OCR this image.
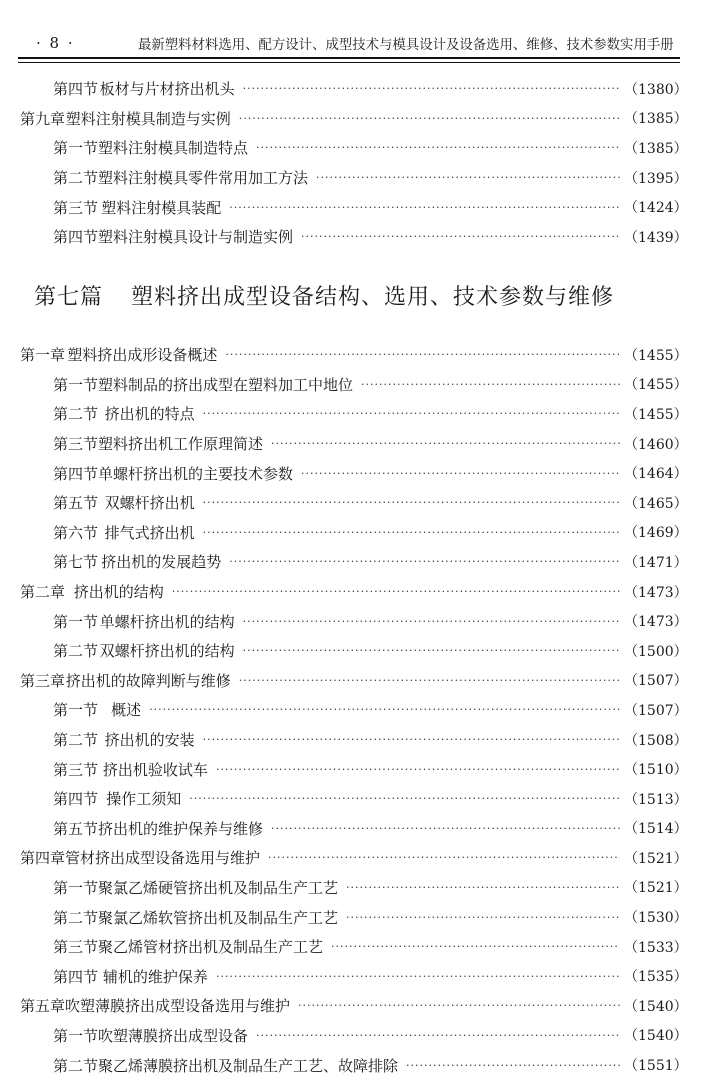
· 8 ·	最新塑料材料选用、配方设计、成型技术与模具设计及设备选用、维修、技术参数实用手册
第四节 板材与片材挤出机头 ·····	（1380）
第九章 塑料注射模具制造与实例 ·····	（1385）
第一节 塑料注射模具制造特点 ·····	（1385）
第二节 塑料注射模具零件常用加工方法 ·····	（1395）
第三节 塑料注射模具装配 ·····	（1424）
第四节 塑料注射模具设计与制造实例 ·····	（1439）
第七篇 塑料挤出成型设备结构、选用、技术参数与维修
第一章 塑料挤出成形设备概述 ·····	（1455）
第一节 塑料制品的挤出成型在塑料加工中地位 ·····	（1455）
第二节 挤出机的特点 ·····	（1455）
第三节 塑料挤出机工作原理简述 ·····	（1460）
第四节 单螺杆挤出机的主要技术参数 ·····	（1464）
第五节 双螺杆挤出机 ·····	（1465）
第六节 排气式挤出机 ·····	（1469）
第七节 挤出机的发展趋势 ·····	（1471）
第二章 挤出机的结构 ·····	（1473）
第一节 单螺杆挤出机的结构 ·····	（1473）
第二节 双螺杆挤出机的结构 ·····	（1500）
第三章 挤出机的故障判断与维修 ·····	（1507）
第一节 概述 ·····	（1507）
第二节 挤出机的安装 ·····	（1508）
第三节 挤出机验收试车 ·····	（1510）
第四节 操作工须知 ·····	（1513）
第五节 挤出机的维护保养与维修 ·····	（1514）
第四章 管材挤出成型设备选用与维护 ·····	（1521）
第一节 聚氯乙烯硬管挤出机及制品生产工艺 ·····	（1521）
第二节 聚氯乙烯软管挤出机及制品生产工艺 ·····	（1530）
第三节 聚乙烯管材挤出机及制品生产工艺 ·····	（1533）
第四节 辅机的维护保养 ·····	（1535）
第五章 吹塑薄膜挤出成型设备选用与维护 ·····	（1540）
第一节 吹塑薄膜挤出成型设备 ·····	（1540）
第二节 聚乙烯薄膜挤出机及制品生产工艺、故障排除 ·····	（1551）
